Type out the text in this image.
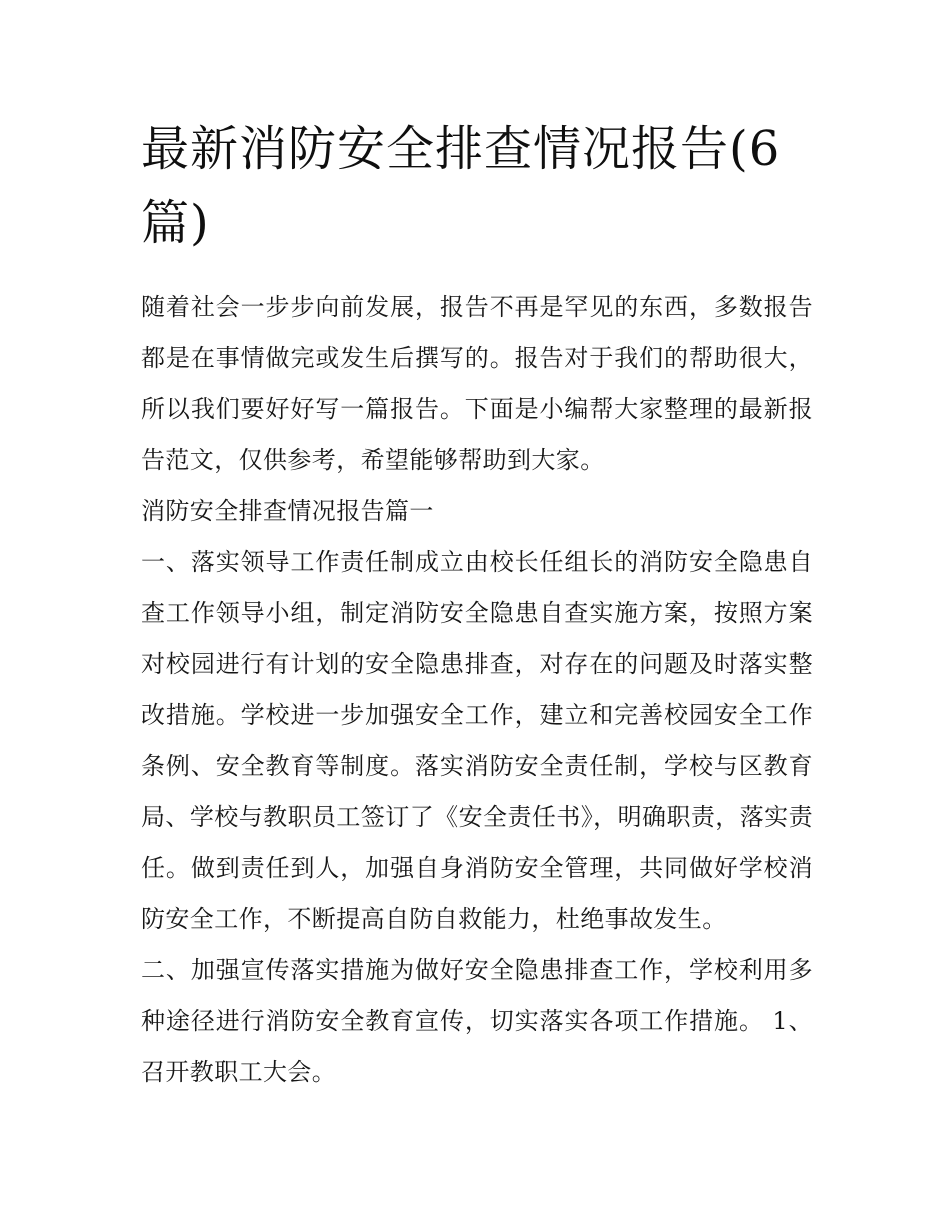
最新消防安全排查情况报告(6篇)

随着社会一步步向前发展，报告不再是罕见的东西，多数报告都是在事情做完或发生后撰写的。报告对于我们的帮助很大，所以我们要好好写一篇报告。下面是小编帮大家整理的最新报告范文，仅供参考，希望能够帮助到大家。

消防安全排查情况报告篇一

一、落实领导工作责任制成立由校长任组长的消防安全隐患自查工作领导小组，制定消防安全隐患自查实施方案，按照方案对校园进行有计划的安全隐患排查，对存在的问题及时落实整改措施。学校进一步加强安全工作，建立和完善校园安全工作条例、安全教育等制度。落实消防安全责任制，学校与区教育局、学校与教职员工签订了《安全责任书》，明确职责，落实责任。做到责任到人，加强自身消防安全管理，共同做好学校消防安全工作，不断提高自防自救能力，杜绝事故发生。

二、加强宣传落实措施为做好安全隐患排查工作，学校利用多种途径进行消防安全教育宣传，切实落实各项工作措施。 1、召开教职工大会。
